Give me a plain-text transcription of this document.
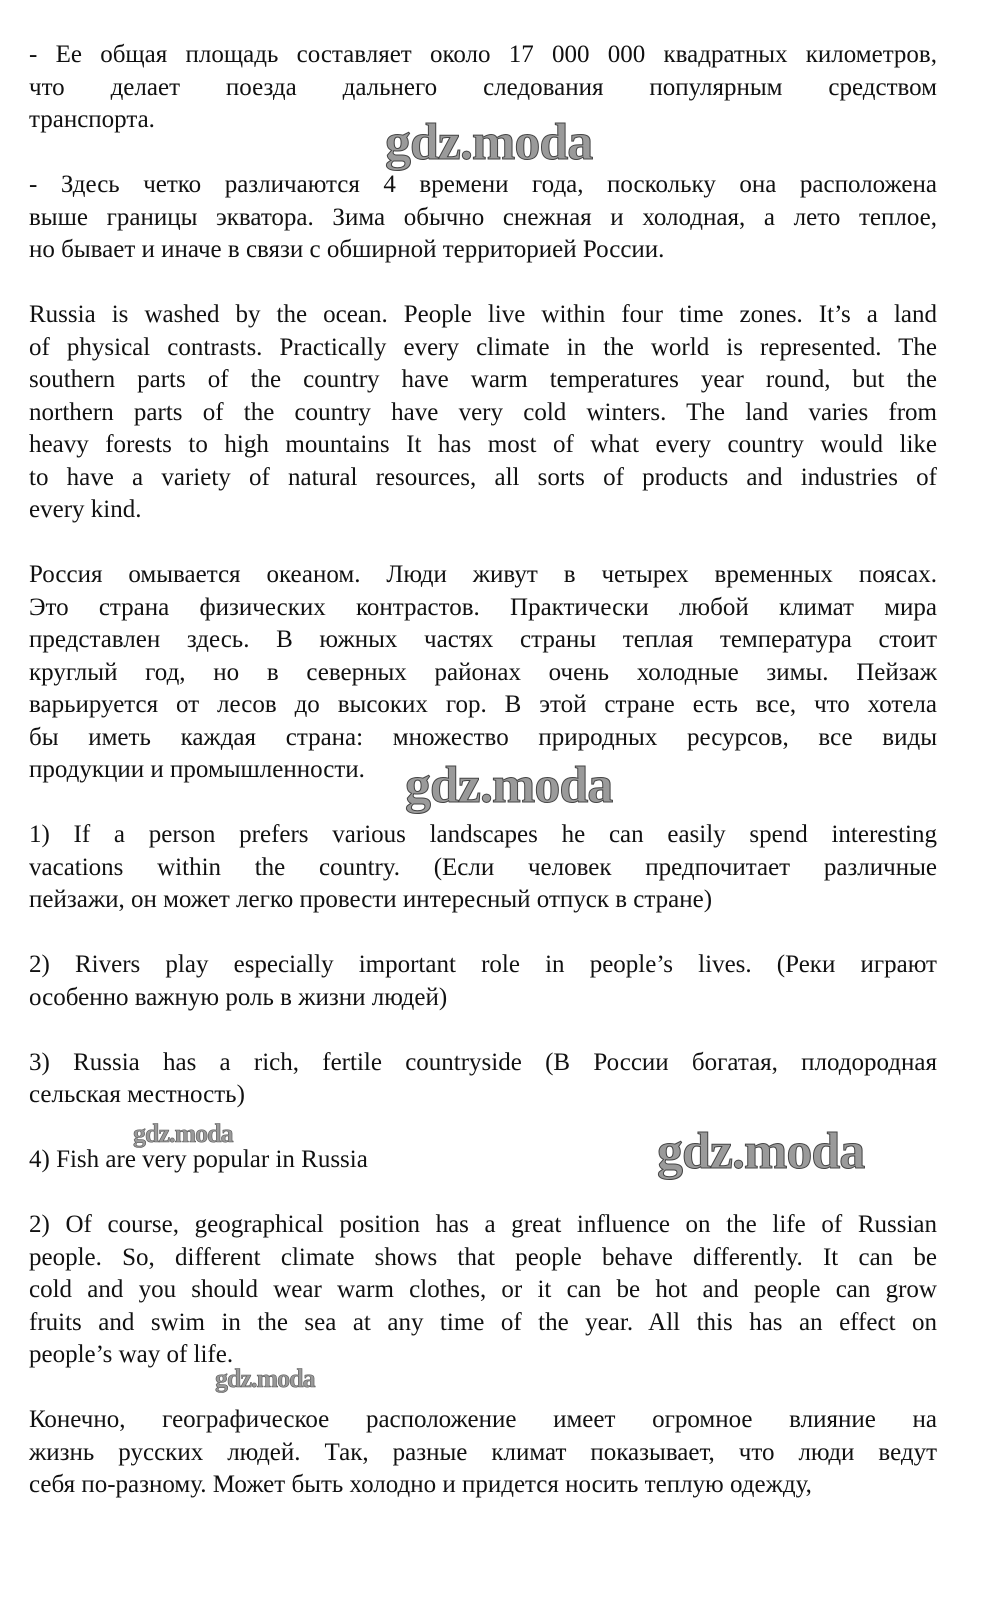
- Ее общая площадь составляет около 17 000 000 квадратных километров,
что делает поезда дальнего следования популярным средством
транспорта.
- Здесь четко различаются 4 времени года, поскольку она расположена
выше границы экватора. Зима обычно снежная и холодная, а лето теплое,
но бывает и иначе в связи с обширной территорией России.
Russia is washed by the ocean. People live within four time zones. It’s a land
of physical contrasts. Practically every climate in the world is represented. The
southern parts of the country have warm temperatures year round, but the
northern parts of the country have very cold winters. The land varies from
heavy forests to high mountains It has most of what every country would like
to have a variety of natural resources, all sorts of products and industries of
every kind.
Россия омывается океаном. Люди живут в четырех временных поясах.
Это страна физических контрастов. Практически любой климат мира
представлен здесь. В южных частях страны теплая температура стоит
круглый год, но в северных районах очень холодные зимы. Пейзаж
варьируется от лесов до высоких гор. В этой стране есть все, что хотела
бы иметь каждая страна: множество природных ресурсов, все виды
продукции и промышленности.
1) If a person prefers various landscapes he can easily spend interesting
vacations within the country. (Если человек предпочитает различные
пейзажи, он может легко провести интересный отпуск в стране)
2) Rivers play especially important role in people’s lives. (Реки играют
особенно важную роль в жизни людей)
3) Russia has a rich, fertile countryside (В России богатая, плодородная
сельская местность)
4) Fish are very popular in Russia
2) Of course, geographical position has a great influence on the life of Russian
people. So, different climate shows that people behave differently. It can be
cold and you should wear warm clothes, or it can be hot and people can grow
fruits and swim in the sea at any time of the year. All this has an effect on
people’s way of life.
Конечно, географическое расположение имеет огромное влияние на
жизнь русских людей. Так, разные климат показывает, что люди ведут
себя по-разному. Может быть холодно и придется носить теплую одежду,
gdz.moda
gdz.moda
gdz.moda	gdz.moda
gdz.moda
